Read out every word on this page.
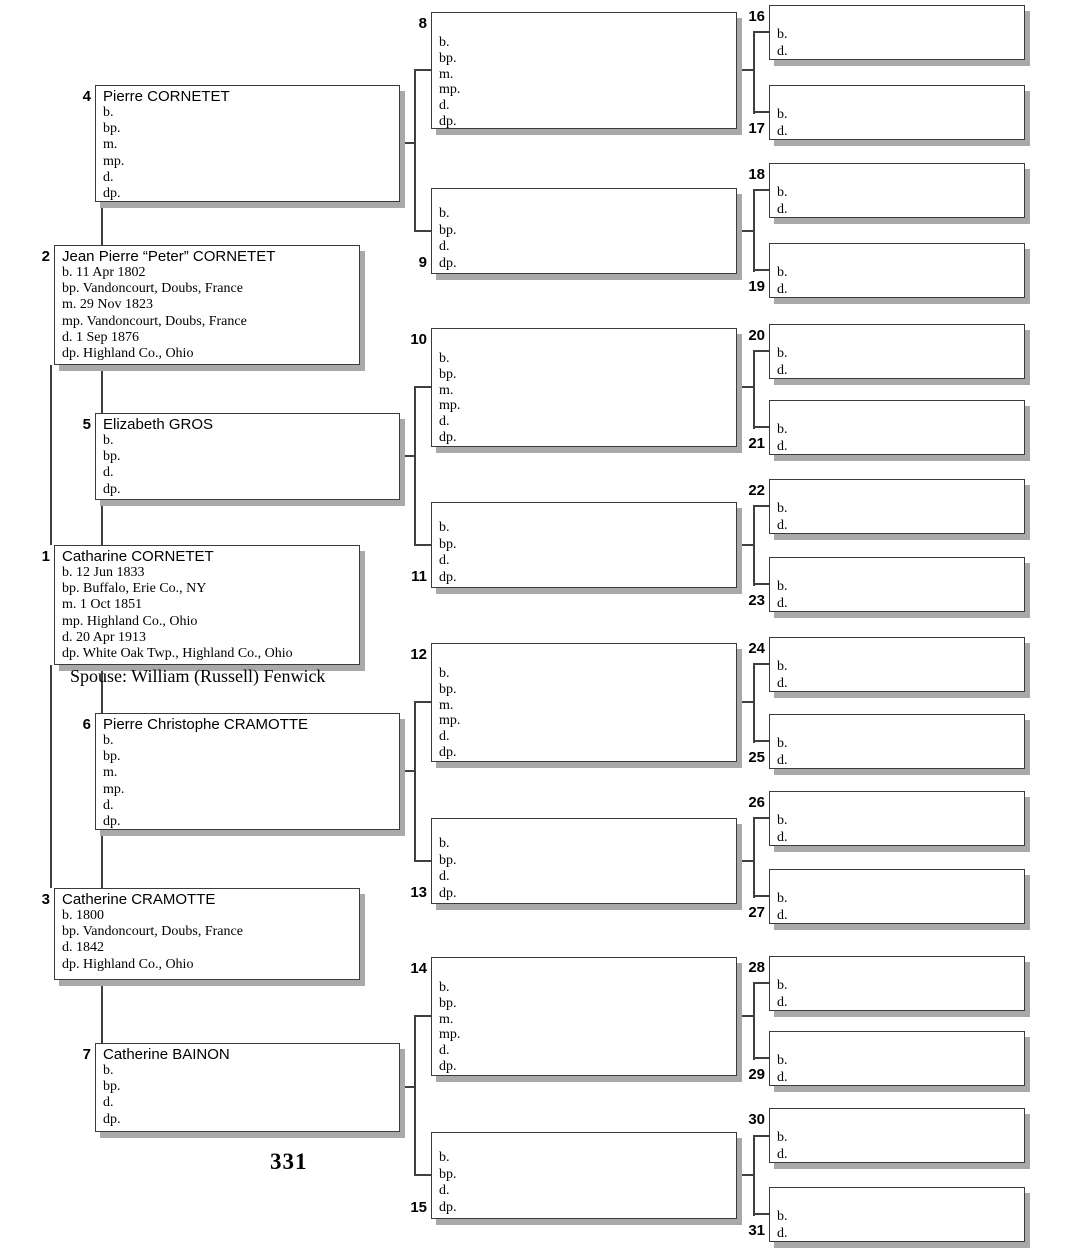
1 Catharine CORNETET
b. 12 Jun 1833
bp. Buffalo, Erie Co., NY
m. 1 Oct 1851
mp. Highland Co., Ohio
d. 20 Apr 1913
dp. White Oak Twp., Highland Co., Ohio
2 Jean Pierre “Peter” CORNETET
b. 11 Apr 1802
bp. Vandoncourt, Doubs, France
m. 29 Nov 1823
mp. Vandoncourt, Doubs, France
d. 1 Sep 1876
dp. Highland Co., Ohio
3 Catherine CRAMOTTE
b. 1800
bp. Vandoncourt, Doubs, France
d. 1842
dp. Highland Co., Ohio
4 Pierre CORNETET
b.
bp.
m.
mp.
d.
dp.
5 Elizabeth GROS
b.
bp.
d.
dp.
6 Pierre Christophe CRAMOTTE
b.
bp.
m.
mp.
d.
dp.
7 Catherine BAINON
b.
bp.
d.
dp.
8
b.
bp.
m.
mp.
d.
dp.
9
b.
bp.
d.
dp.
10
b.
bp.
m.
mp.
d.
dp.
11
b.
bp.
d.
dp.
12
b.
bp.
m.
mp.
d.
dp.
13
b.
bp.
d.
dp.
14
b.
bp.
m.
mp.
d.
dp.
15
b.
bp.
d.
dp.
16
b.
d.
17
b.
d.
18
b.
d.
19
b.
d.
20
b.
d.
21
b.
d.
22
b.
d.
23
b.
d.
24
b.
d.
25
b.
d.
26
b.
d.
27
b.
d.
28
b.
d.
29
b.
d.
30
b.
d.
31
b.
d.
Spouse: William (Russell) Fenwick
331
